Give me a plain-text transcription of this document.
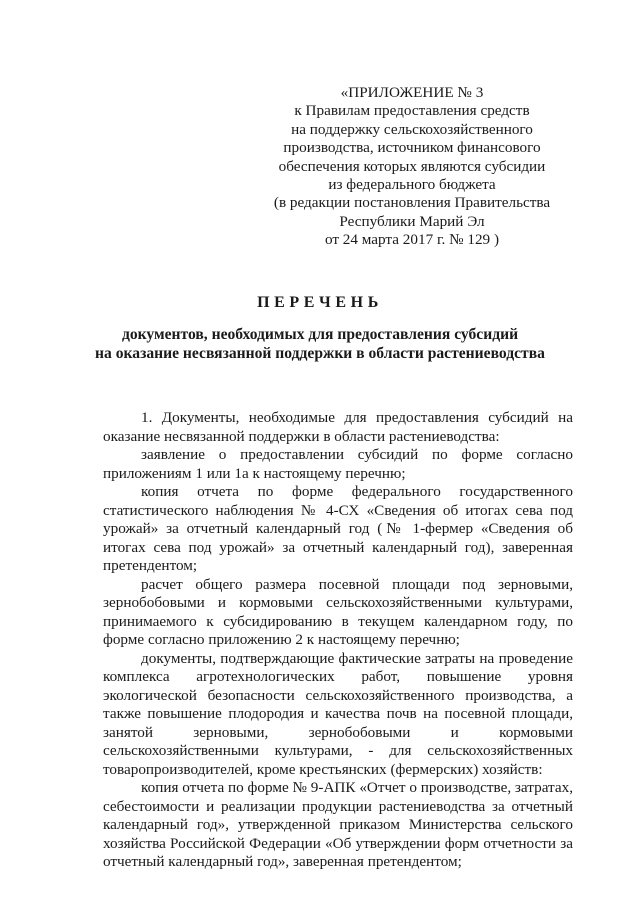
«ПРИЛОЖЕНИЕ № 3
к Правилам предоставления средств
на поддержку сельскохозяйственного
производства, источником финансового
обеспечения которых являются субсидии
из федерального бюджета
(в редакции постановления Правительства
Республики Марий Эл
от 24 марта 2017 г. № 129 )
ПЕРЕЧЕНЬ
документов, необходимых для предоставления субсидий
на оказание несвязанной поддержки в области растениеводства

1. Документы, необходимые для предоставления субсидий на оказание несвязанной поддержки в области растениеводства:

заявление о предоставлении субсидий по форме согласно приложениям 1 или 1а к настоящему перечню;

копия отчета по форме федерального государственного статистического наблюдения № 4-СХ «Сведения об итогах сева под урожай» за отчетный календарный год (№ 1-фермер «Сведения об итогах сева под урожай» за отчетный календарный год), заверенная претендентом;

расчет общего размера посевной площади под зерновыми, зернобобовыми и кормовыми сельскохозяйственными культурами, принимаемого к субсидированию в текущем календарном году, по форме согласно приложению 2 к настоящему перечню;

документы, подтверждающие фактические затраты на проведение комплекса агротехнологических работ, повышение уровня экологической безопасности сельскохозяйственного производства, а также повышение плодородия и качества почв на посевной площади, занятой зерновыми, зернобобовыми и кормовыми сельскохозяйственными культурами, - для сельскохозяйственных товаропроизводителей, кроме крестьянских (фермерских) хозяйств:

копия отчета по форме № 9-АПК «Отчет о производстве, затратах, себестоимости и реализации продукции растениеводства за отчетный календарный год», утвержденной приказом Министерства сельского хозяйства Российской Федерации «Об утверждении форм отчетности за отчетный календарный год», заверенная претендентом;
